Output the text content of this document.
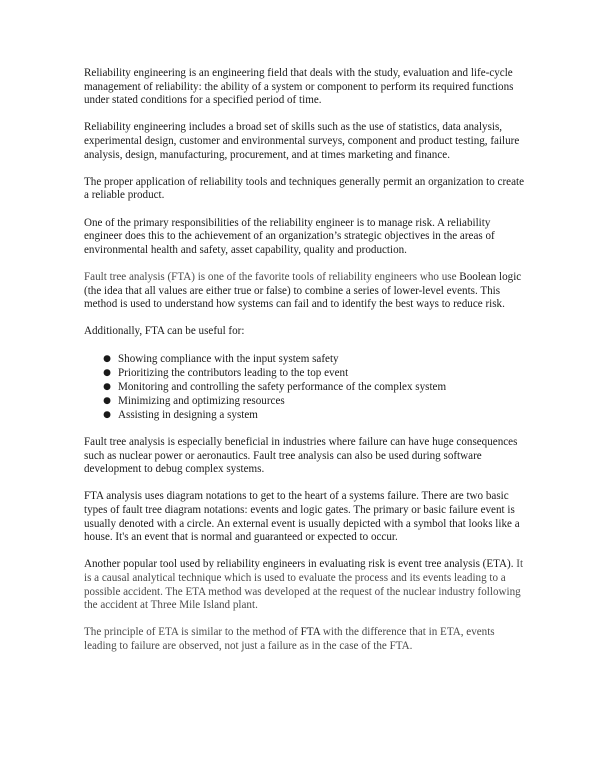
Reliability engineering is an engineering field that deals with the study, evaluation and life-cycle management of reliability: the ability of a system or component to perform its required functions under stated conditions for a specified period of time.

Reliability engineering includes a broad set of skills such as the use of statistics, data analysis, experimental design, customer and environmental surveys, component and product testing, failure analysis, design, manufacturing, procurement, and at times marketing and finance.

The proper application of reliability tools and techniques generally permit an organization to create a reliable product.

One of the primary responsibilities of the reliability engineer is to manage risk. A reliability engineer does this to the achievement of an organization’s strategic objectives in the areas of environmental health and safety, asset capability, quality and production.

Fault tree analysis (FTA) is one of the favorite tools of reliability engineers who use Boolean logic (the idea that all values are either true or false) to combine a series of lower-level events. This method is used to understand how systems can fail and to identify the best ways to reduce risk.

Additionally, FTA can be useful for:

● Showing compliance with the input system safety
● Prioritizing the contributors leading to the top event
● Monitoring and controlling the safety performance of the complex system
● Minimizing and optimizing resources
● Assisting in designing a system

Fault tree analysis is especially beneficial in industries where failure can have huge consequences such as nuclear power or aeronautics. Fault tree analysis can also be used during software development to debug complex systems.

FTA analysis uses diagram notations to get to the heart of a systems failure. There are two basic types of fault tree diagram notations: events and logic gates. The primary or basic failure event is usually denoted with a circle. An external event is usually depicted with a symbol that looks like a house. It's an event that is normal and guaranteed or expected to occur.

Another popular tool used by reliability engineers in evaluating risk is event tree analysis (ETA). It is a causal analytical technique which is used to evaluate the process and its events leading to a possible accident. The ETA method was developed at the request of the nuclear industry following the accident at Three Mile Island plant.

The principle of ETA is similar to the method of FTA with the difference that in ETA, events leading to failure are observed, not just a failure as in the case of the FTA.
